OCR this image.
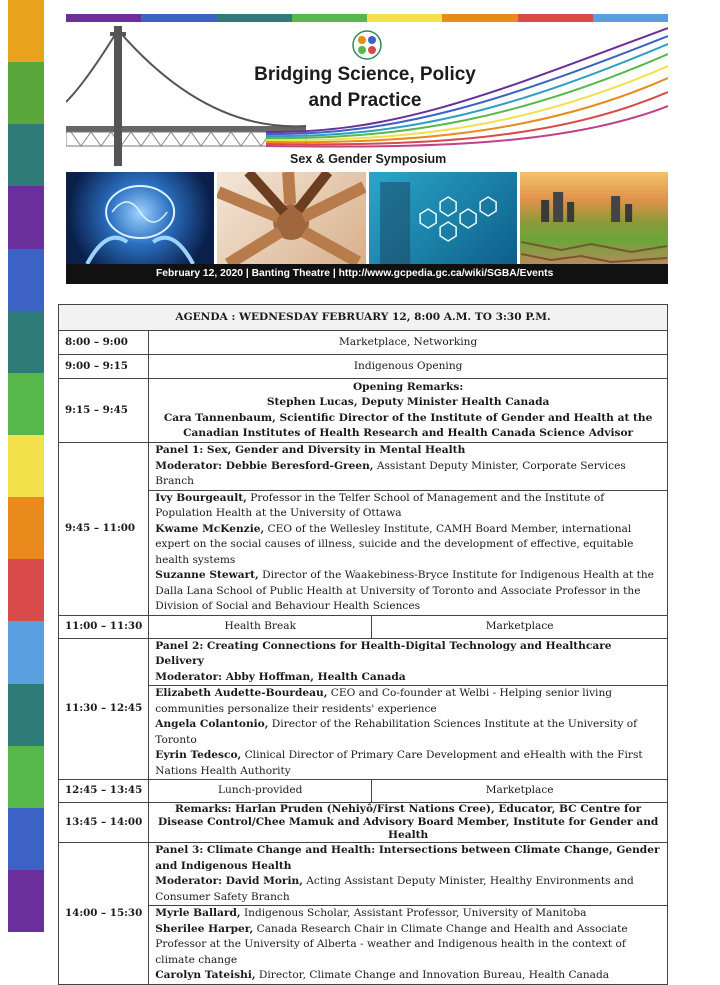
Bridging Science, Policy
and Practice
Sex & Gender Symposium
February 12, 2020 | Banting Theatre | http://www.gcpedia.gc.ca/wiki/SGBA/Events
AGENDA : WEDNESDAY FEBRUARY 12, 8:00 A.M. TO 3:30 P.M.		
8:00 – 9:00	Marketplace, Networking	
9:00 – 9:15	Indigenous Opening	
9:15 – 9:45	Opening Remarks:
Stephen Lucas, Deputy Minister Health Canada
Cara Tannenbaum, Scientific Director of the Institute of Gender and Health at the Canadian Institutes of Health Research and Health Canada Science Advisor	

9:45 – 11:00	Panel 1: Sex, Gender and Diversity in Mental Health
Moderator: Debbie Beresford-Green, Assistant Deputy Minister, Corporate Services Branch	

	Ivy Bourgeault, Professor in the Telfer School of Management and the Institute of Population Health at the University of Ottawa
Kwame McKenzie, CEO of the Wellesley Institute, CAMH Board Member, international expert on the social causes of illness, suicide and the development of effective, equitable health systems
Suzanne Stewart, Director of the Waakebiness-Bryce Institute for Indigenous Health at the Dalla Lana School of Public Health at University of Toronto and Associate Professor in the Division of Social and Behaviour Health Sciences	

11:00 – 11:30	Health Break	Marketplace
11:30 – 12:45	Panel 2: Creating Connections for Health-Digital Technology and Healthcare Delivery
Moderator: Abby Hoffman, Health Canada	

	Elizabeth Audette-Bourdeau, CEO and Co-founder at Welbi - Helping senior living communities personalize their residents' experience
Angela Colantonio, Director of the Rehabilitation Sciences Institute at the University of Toronto
Eyrin Tedesco, Clinical Director of Primary Care Development and eHealth with the First Nations Health Authority	

12:45 – 13:45	Lunch-provided	Marketplace
13:45 – 14:00	Remarks: Harlan Pruden (Nehiyô/First Nations Cree), Educator, BC Centre for Disease Control/Chee Mamuk and Advisory Board Member, Institute for Gender and Health	
14:00 – 15:30	Panel 3: Climate Change and Health: Intersections between Climate Change, Gender and Indigenous Health
Moderator: David Morin, Acting Assistant Deputy Minister, Healthy Environments and Consumer Safety Branch	

	Myrle Ballard, Indigenous Scholar, Assistant Professor, University of Manitoba
Sherilee Harper, Canada Research Chair in Climate Change and Health and Associate Professor at the University of Alberta - weather and Indigenous health in the context of climate change
Carolyn Tateishi, Director, Climate Change and Innovation Bureau, Health Canada	
